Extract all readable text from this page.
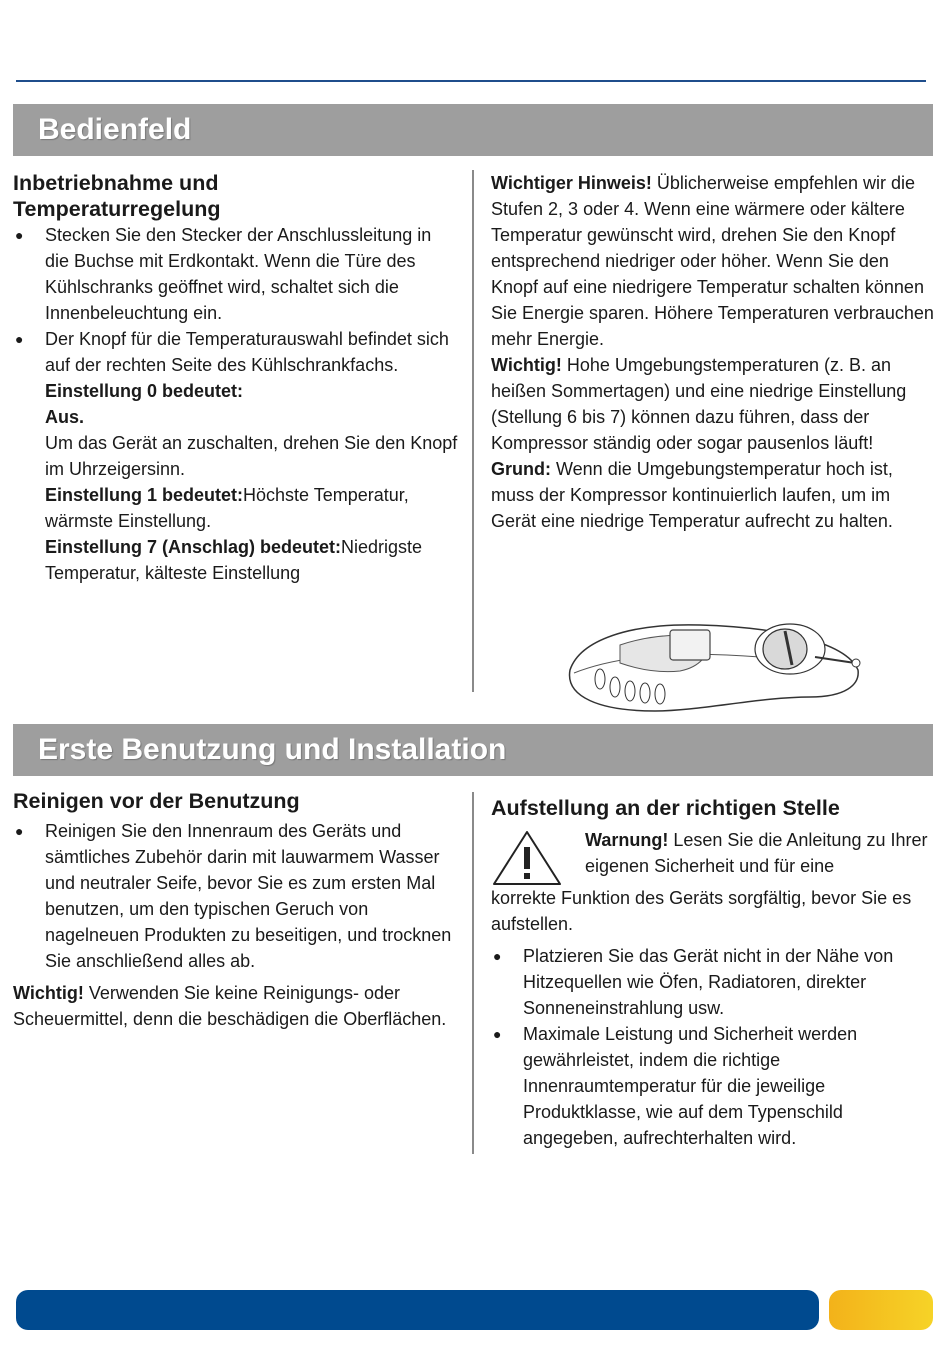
Bedienfeld
Inbetriebnahme und
Temperaturregelung
● Stecken Sie den Stecker der Anschlussleitung in die Buchse mit Erdkontakt. Wenn die Türe des Kühlschranks geöffnet wird, schaltet sich die Innenbeleuchtung ein.
● Der Knopf für die Temperaturauswahl befindet sich auf der rechten Seite des Kühlschrankfachs.
Einstellung 0 bedeutet:
Aus.
Um das Gerät an zuschalten, drehen Sie den Knopf im Uhrzeigersinn.
Einstellung 1 bedeutet:Höchste Temperatur, wärmste Einstellung.
Einstellung 7 (Anschlag) bedeutet:Niedrigste Temperatur, kälteste Einstellung

Wichtiger Hinweis! Üblicherweise empfehlen wir die Stufen 2, 3 oder 4. Wenn eine wärmere oder kältere Temperatur gewünscht wird, drehen Sie den Knopf entsprechend niedriger oder höher. Wenn Sie den Knopf auf eine niedrigere Temperatur schalten können Sie Energie sparen. Höhere Temperaturen verbrauchen mehr Energie.

Wichtig! Hohe Umgebungstemperaturen (z. B. an heißen Sommertagen) und eine niedrige Einstellung (Stellung 6 bis 7) können dazu führen, dass der Kompressor ständig oder sogar pausenlos läuft!

Grund: Wenn die Umgebungstemperatur hoch ist, muss der Kompressor kontinuierlich laufen, um im Gerät eine niedrige Temperatur aufrecht zu halten.

Erste Benutzung und Installation
Reinigen vor der Benutzung
● Reinigen Sie den Innenraum des Geräts und sämtliches Zubehör darin mit lauwarmem Wasser und neutraler Seife, bevor Sie es zum ersten Mal benutzen, um den typischen Geruch von nagelneuen Produkten zu beseitigen, und trocknen Sie anschließend alles ab.

Wichtig! Verwenden Sie keine Reinigungs- oder Scheuermittel, denn die beschädigen die Oberflächen.

Aufstellung an der richtigen Stelle
Warnung! Lesen Sie die Anleitung zu Ihrer eigenen Sicherheit und für eine

korrekte Funktion des Geräts sorgfältig, bevor Sie es aufstellen.

● Platzieren Sie das Gerät nicht in der Nähe von Hitzequellen wie Öfen, Radiatoren, direkter Sonneneinstrahlung usw.
● Maximale Leistung und Sicherheit werden gewährleistet, indem die richtige Innenraumtemperatur für die jeweilige Produktklasse, wie auf dem Typenschild angegeben, aufrechterhalten wird.
